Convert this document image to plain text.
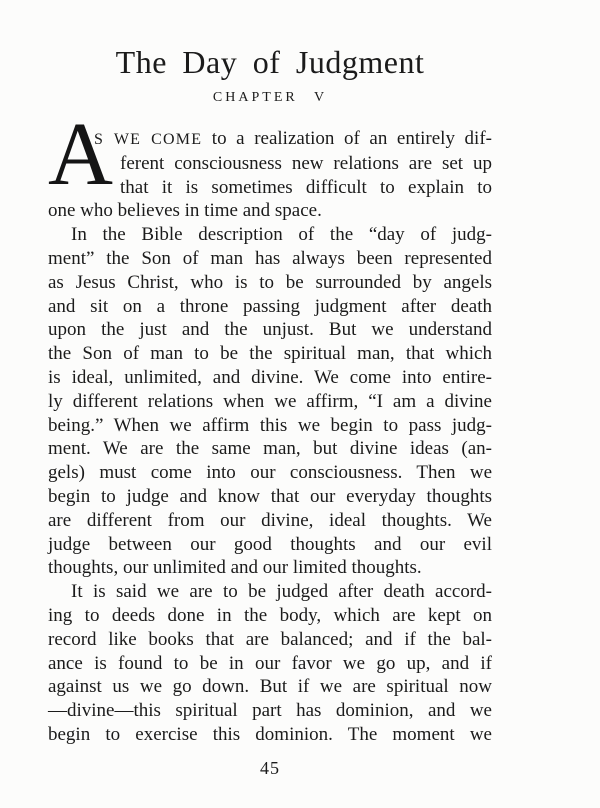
The Day of Judgment
CHAPTER V
A
S WE COME to a realization of an entirely dif-
ferent consciousness new relations are set up
that it is sometimes difficult to explain to
one who believes in time and space.
In the Bible description of the “day of judg-
ment” the Son of man has always been represented
as Jesus Christ, who is to be surrounded by angels
and sit on a throne passing judgment after death
upon the just and the unjust. But we understand
the Son of man to be the spiritual man, that which
is ideal, unlimited, and divine. We come into entire-
ly different relations when we affirm, “I am a divine
being.” When we affirm this we begin to pass judg-
ment. We are the same man, but divine ideas (an-
gels) must come into our consciousness. Then we
begin to judge and know that our everyday thoughts
are different from our divine, ideal thoughts. We
judge between our good thoughts and our evil
thoughts, our unlimited and our limited thoughts.
It is said we are to be judged after death accord-
ing to deeds done in the body, which are kept on
record like books that are balanced; and if the bal-
ance is found to be in our favor we go up, and if
against us we go down. But if we are spiritual now
—divine—this spiritual part has dominion, and we
begin to exercise this dominion. The moment we
45
